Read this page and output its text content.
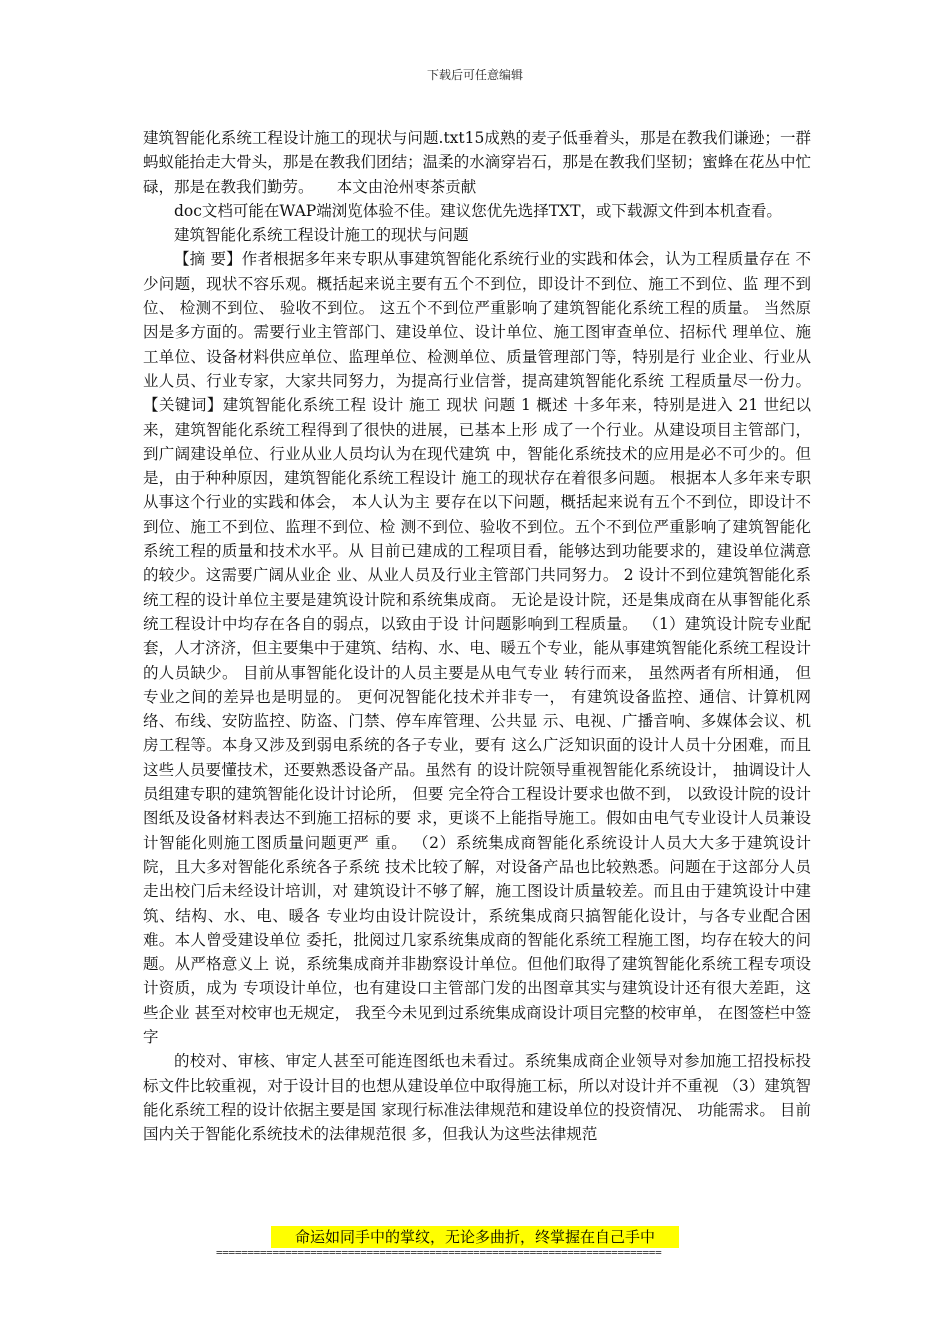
下载后可任意编辑

建筑智能化系统工程设计施工的现状与问题.txt15成熟的麦子低垂着头，那是在教我们谦逊；一群蚂蚁能抬走大骨头，那是在教我们团结；温柔的水滴穿岩石，那是在教我们坚韧；蜜蜂在花丛中忙碌，那是在教我们勤劳。　　本文由沧州枣茶贡献

doc文档可能在WAP端浏览体验不佳。建议您优先选择TXT，或下载源文件到本机查看。

建筑智能化系统工程设计施工的现状与问题

【摘 要】作者根据多年来专职从事建筑智能化系统行业的实践和体会，认为工程质量存在 不少问题，现状不容乐观。概括起来说主要有五个不到位，即设计不到位、施工不到位、监 理不到位、 检测不到位、 验收不到位。 这五个不到位严重影响了建筑智能化系统工程的质量。 当然原因是多方面的。需要行业主管部门、建设单位、设计单位、施工图审查单位、招标代 理单位、施工单位、设备材料供应单位、监理单位、检测单位、质量管理部门等，特别是行 业企业、行业从业人员、行业专家，大家共同努力，为提高行业信誉，提高建筑智能化系统 工程质量尽一份力。 【关键词】建筑智能化系统工程 设计 施工 现状 问题 1 概述 十多年来，特别是进入 21 世纪以来，建筑智能化系统工程得到了很快的进展，已基本上形 成了一个行业。从建设项目主管部门，到广阔建设单位、行业从业人员均认为在现代建筑 中，智能化系统技术的应用是必不可少的。但是，由于种种原因，建筑智能化系统工程设计 施工的现状存在着很多问题。 根据本人多年来专职从事这个行业的实践和体会， 本人认为主 要存在以下问题，概括起来说有五个不到位，即设计不到位、施工不到位、监理不到位、检 测不到位、验收不到位。五个不到位严重影响了建筑智能化系统工程的质量和技术水平。从 目前已建成的工程项目看，能够达到功能要求的，建设单位满意的较少。这需要广阔从业企 业、从业人员及行业主管部门共同努力。 2 设计不到位建筑智能化系统工程的设计单位主要是建筑设计院和系统集成商。 无论是设计院，还是集成商在从事智能化系统工程设计中均存在各自的弱点，以致由于设 计问题影响到工程质量。 （1）建筑设计院专业配套，人才济济，但主要集中于建筑、结构、水、电、暖五个专业，能从事建筑智能化系统工程设计的人员缺少。 目前从事智能化设计的人员主要是从电气专业 转行而来， 虽然两者有所相通， 但专业之间的差异也是明显的。 更何况智能化技术并非专一， 有建筑设备监控、通信、计算机网络、布线、安防监控、防盗、门禁、停车库管理、公共显 示、电视、广播音响、多媒体会议、机房工程等。本身又涉及到弱电系统的各子专业，要有 这么广泛知识面的设计人员十分困难，而且这些人员要懂技术，还要熟悉设备产品。虽然有 的设计院领导重视智能化系统设计， 抽调设计人员组建专职的建筑智能化设计讨论所， 但要 完全符合工程设计要求也做不到， 以致设计院的设计图纸及设备材料表达不到施工招标的要 求，更谈不上能指导施工。假如由电气专业设计人员兼设计智能化则施工图质量问题更严 重。 （2）系统集成商智能化系统设计人员大大多于建筑设计院，且大多对智能化系统各子系统 技术比较了解，对设备产品也比较熟悉。问题在于这部分人员走出校门后未经设计培训，对 建筑设计不够了解，施工图设计质量较差。而且由于建筑设计中建筑、结构、水、电、暖各 专业均由设计院设计，系统集成商只搞智能化设计，与各专业配合困难。本人曾受建设单位 委托，批阅过几家系统集成商的智能化系统工程施工图，均存在较大的问题。从严格意义上 说，系统集成商并非勘察设计单位。但他们取得了建筑智能化系统工程专项设计资质，成为 专项设计单位，也有建设口主管部门发的出图章其实与建筑设计还有很大差距，这些企业 甚至对校审也无规定， 我至今未见到过系统集成商设计项目完整的校审单， 在图签栏中签字

的校对、审核、审定人甚至可能连图纸也未看过。系统集成商企业领导对参加施工招投标投 标文件比较重视，对于设计目的也想从建设单位中取得施工标，所以对设计并不重视 （3）建筑智能化系统工程的设计依据主要是国 家现行标准法律规范和建设单位的投资情况、 功能需求。 目前国内关于智能化系统技术的法律规范很 多，但我认为这些法律规范

命运如同手中的掌纹，无论多曲折，终掌握在自己手中
=======================================================================
